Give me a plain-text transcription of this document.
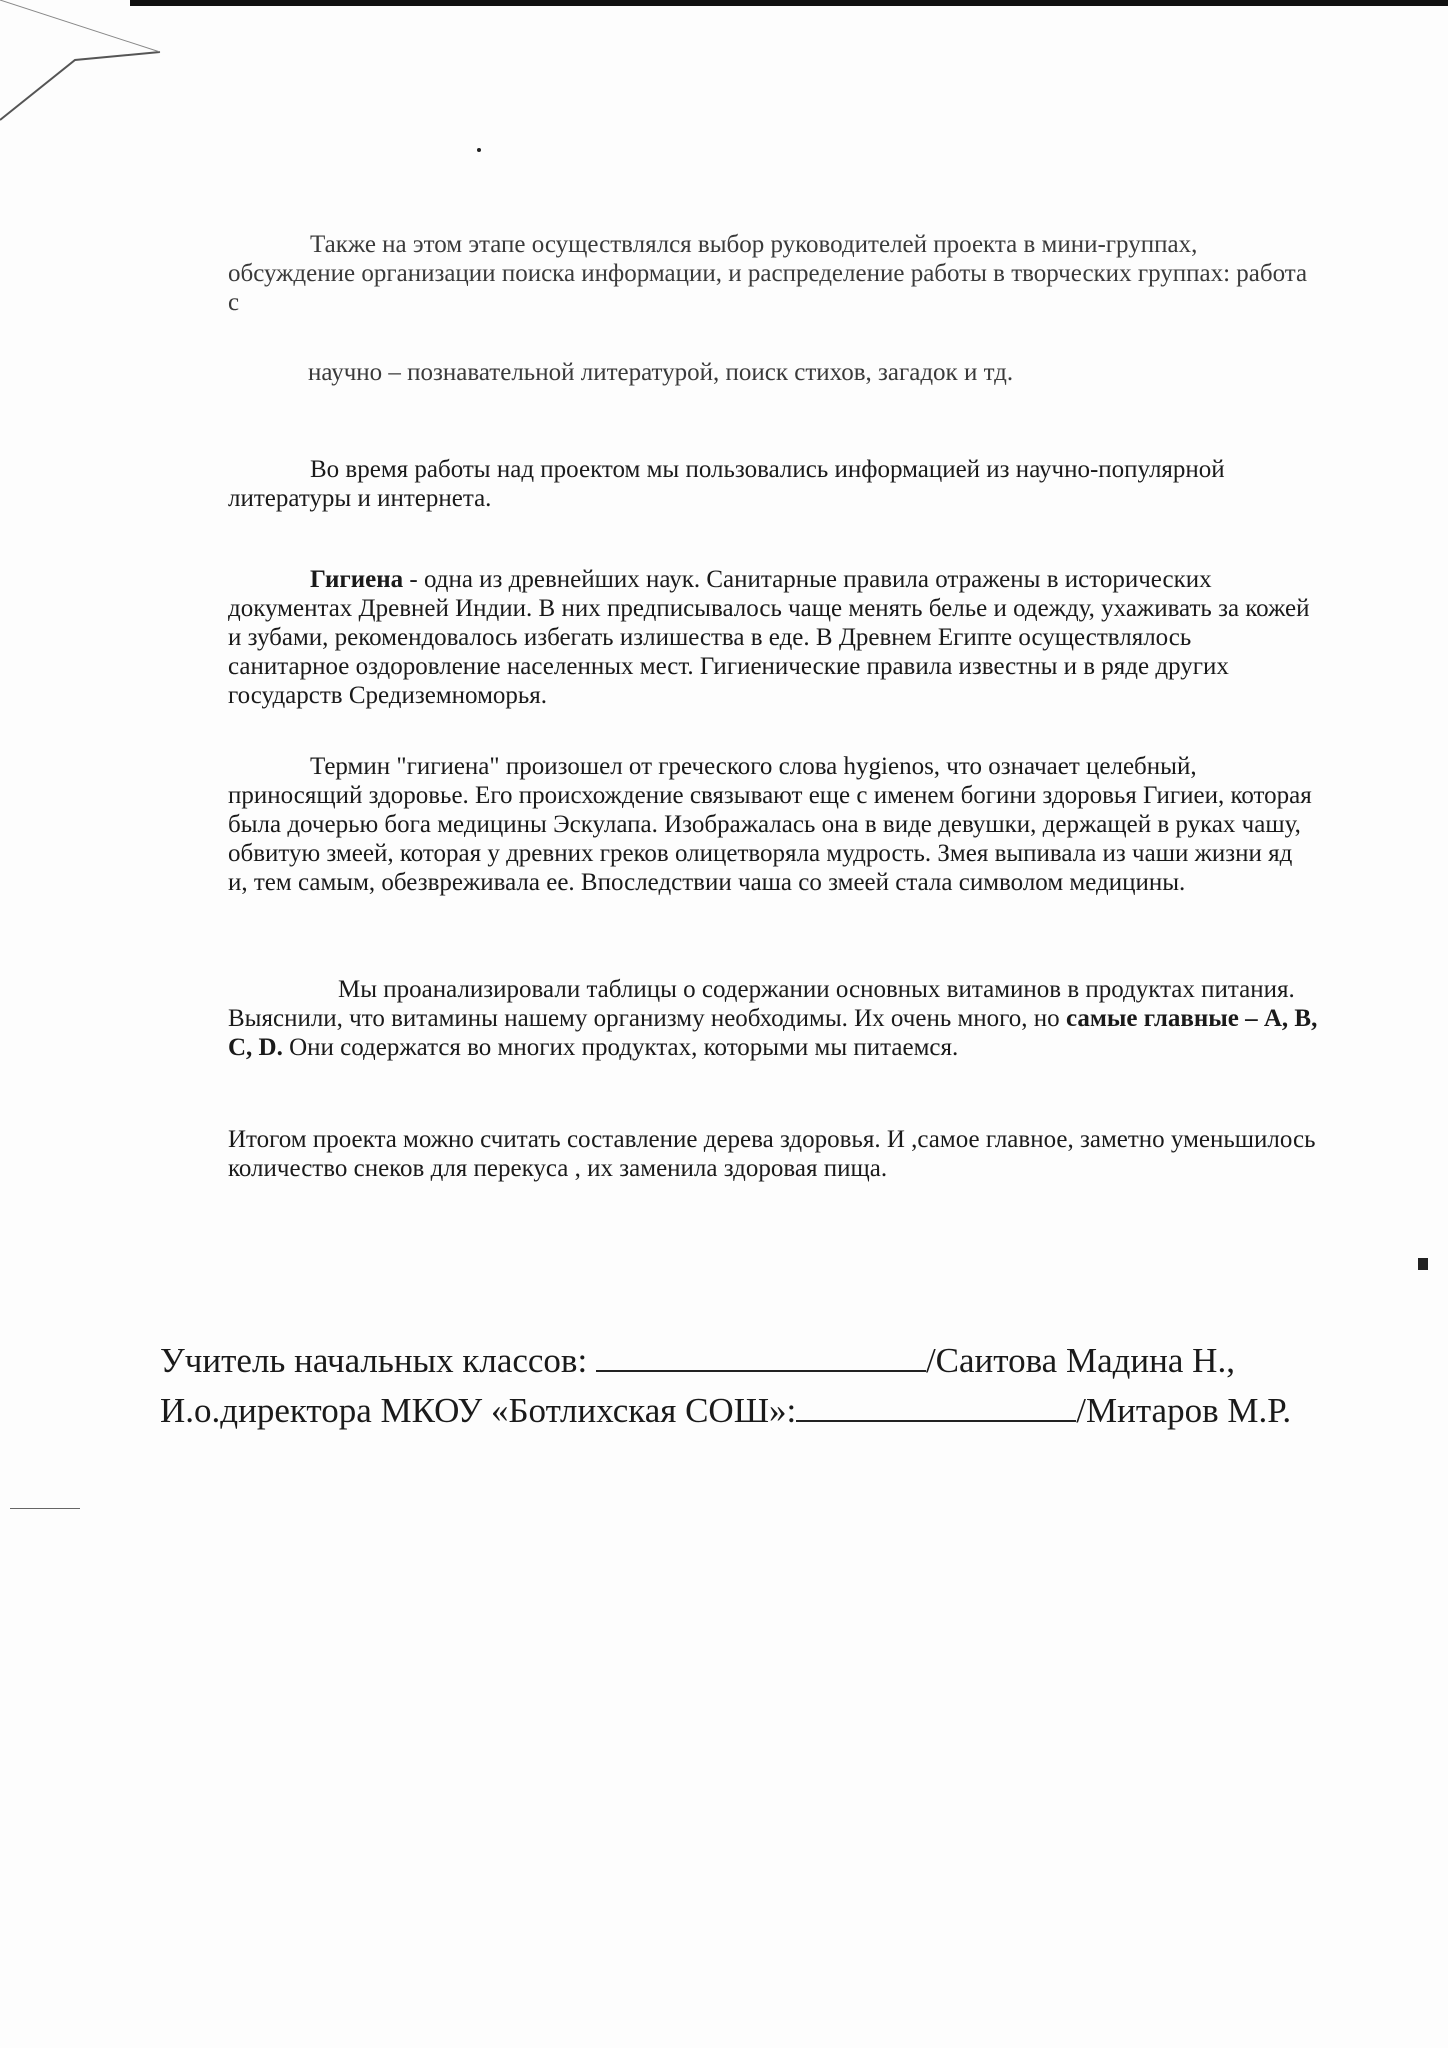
Также на этом этапе осуществлялся выбор руководителей проекта в мини-группах, обсуждение организации поиска информации, и распределение работы в творческих группах: работа с

научно – познавательной литературой, поиск стихов, загадок и тд.

Во время работы над проектом мы пользовались информацией из научно-популярной литературы и интернета.

Гигиена - одна из древнейших наук. Санитарные правила отражены в исторических документах Древней Индии. В них предписывалось чаще менять белье и одежду, ухаживать за кожей и зубами, рекомендовалось избегать излишества в еде. В Древнем Египте осуществлялось санитарное оздоровление населенных мест. Гигиенические правила известны и в ряде других государств Средиземноморья.

Термин "гигиена" произошел от греческого слова hygienos, что означает целебный, приносящий здоровье. Его происхождение связывают еще с именем богини здоровья Гигиеи, которая была дочерью бога медицины Эскулапа. Изображалась она в виде девушки, держащей в руках чашу, обвитую змеей, которая у древних греков олицетворяла мудрость. Змея выпивала из чаши жизни яд и, тем самым, обезвреживала ее. Впоследствии чаша со змеей стала символом медицины.

Мы проанализировали таблицы о содержании основных витаминов в продуктах питания. Выяснили, что витамины нашему организму необходимы. Их очень много, но самые главные – A, B, C, D. Они содержатся во многих продуктах, которыми мы питаемся.

Итогом проекта можно считать составление дерева здоровья. И ,самое главное, заметно уменьшилось количество снеков для перекуса , их заменила здоровая пища.

Учитель начальных классов:	/Саитова Мадина Н.,
И.о.директора МКОУ «Ботлихская СОШ»:	/Митаров М.Р.
